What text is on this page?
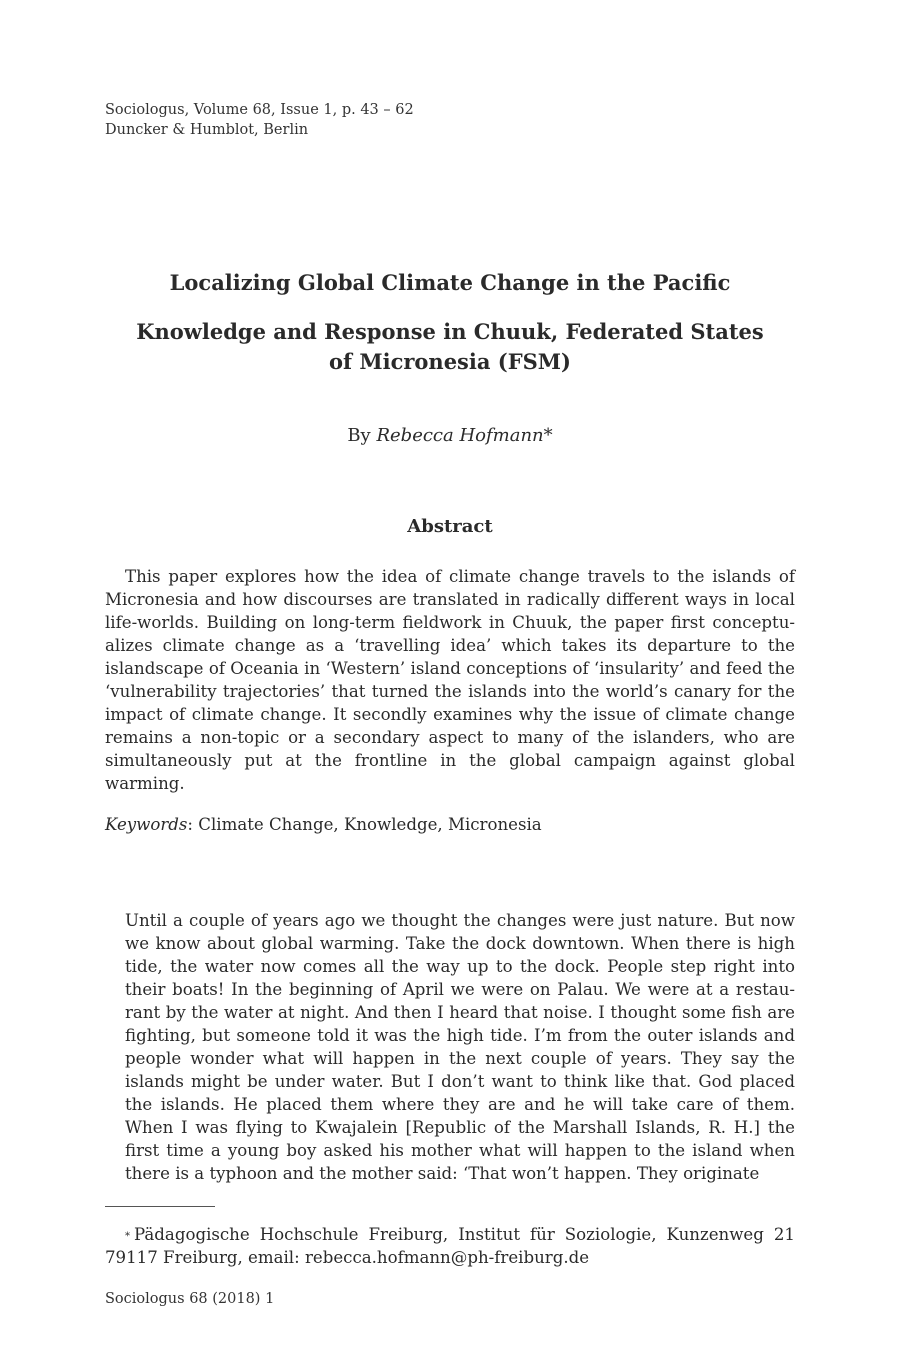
Sociologus, Volume 68, Issue 1, p. 43 – 62
Duncker & Humblot, Berlin
Localizing Global Climate Change in the Pacific
Knowledge and Response in Chuuk, Federated States
of Micronesia (FSM)
By Rebecca Hofmann*
Abstract

This paper explores how the idea of climate change travels to the islands of Micronesia and how discourses are translated in radically different ways in local life-worlds. Building on long-term fieldwork in Chuuk, the paper first conceptualizes climate change as a ‘travelling idea’ which takes its departure to the islandscape of Oceania in ‘Western’ island conceptions of ‘insularity’ and feed the ‘vulnerability trajectories’ that turned the islands into the world’s canary for the impact of climate change. It secondly examines why the issue of climate change remains a non-topic or a secondary aspect to many of the islanders, who are simultaneously put at the frontline in the global campaign against global warming.

Keywords: Climate Change, Knowledge, Micronesia

Until a couple of years ago we thought the changes were just nature. But now we know about global warming. Take the dock downtown. When there is high tide, the water now comes all the way up to the dock. People step right into their boats! In the beginning of April we were on Palau. We were at a restaurant by the water at night. And then I heard that noise. I thought some fish are fighting, but someone told it was the high tide. I’m from the outer islands and people wonder what will happen in the next couple of years. They say the islands might be under water. But I don’t want to think like that. God placed the islands. He placed them where they are and he will take care of them. When I was flying to Kwajalein [Republic of the Marshall Islands, R. H.] the first time a young boy asked his mother what will happen to the island when there is a typhoon and the mother said: ‘That won’t happen. They originate

* Pädagogische Hochschule Freiburg, Institut für Soziologie, Kunzenweg 21 79117 Freiburg, email: rebecca.hofmann@ph-freiburg.de

Sociologus 68 (2018) 1
